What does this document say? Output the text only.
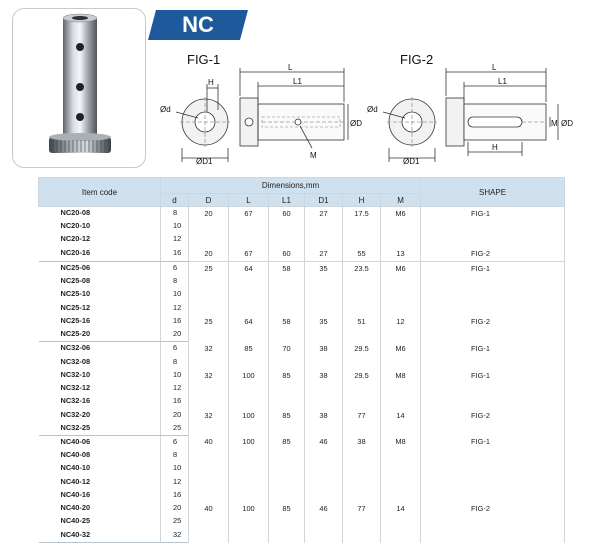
NC
FIG-1	FIG-2
Ød
ØD1
H
L
L1
ØD
M
Ød
ØD1
L
L1
H
M ØD
Item code	Dimensions,mm							SHAPE
	d	D	L	L1	D1	H	M	
NC20-08	8	20	67	60	27	17.5	M6	FIG-1
NC20-10	10							
NC20-12	12							
NC20-16	16	20	67	60	27	55	13	FIG-2
NC25-06	6	25	64	58	35	23.5	M6	FIG-1
NC25-08	8							
NC25-10	10							
NC25-12	12							
NC25-16	16	25	64	58	35	51	12	FIG-2
NC25-20	20							
NC32-06	6	32	85	70	38	29.5	M6	FIG-1
NC32-08	8							
NC32-10	10	32	100	85	38	29.5	M8	FIG-1
NC32-12	12							
NC32-16	16							
NC32-20	20	32	100	85	38	77	14	FIG-2
NC32-25	25							
NC40-06	6	40	100	85	46	38	M8	FIG-1
NC40-08	8							
NC40-10	10							
NC40-12	12							
NC40-16	16							
NC40-20	20	40	100	85	46	77	14	FIG-2
NC40-25	25							
NC40-32	32							
